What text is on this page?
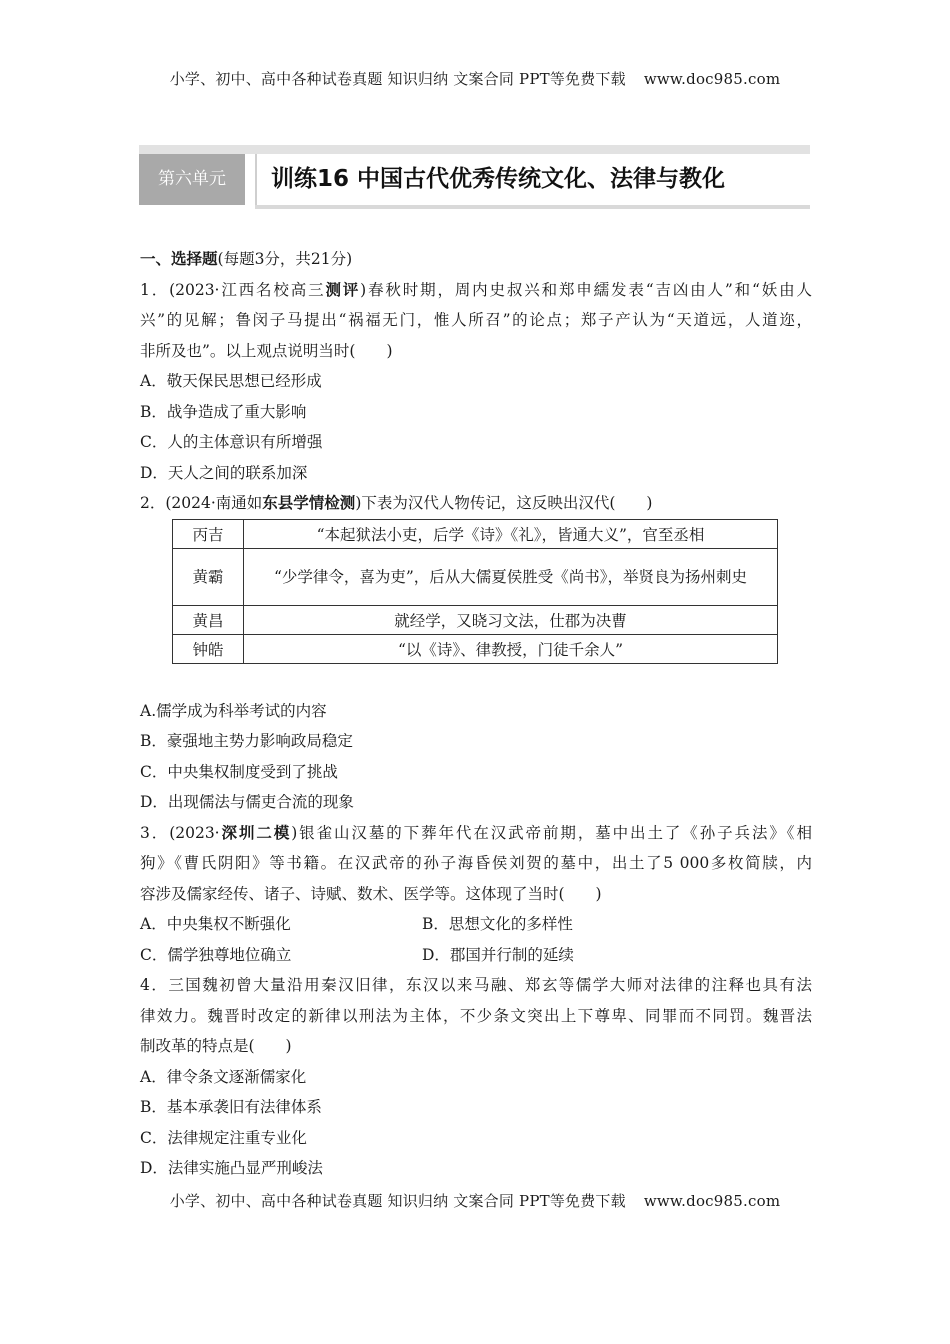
小学、初中、高中各种试卷真题 知识归纳 文案合同 PPT等免费下载 www.doc985.com
第六单元	训练16 中国古代优秀传统文化、法律与教化
一、选择题(每题3分，共21分)
1．(2023·江西名校高三测评)春秋时期，周内史叔兴和郑申繻发表“吉凶由人”和“妖由人
兴”的见解；鲁闵子马提出“祸福无门，惟人所召”的论点；郑子产认为“天道远，人道迩，
非所及也”。以上观点说明当时(　　)
A．敬天保民思想已经形成
B．战争造成了重大影响
C．人的主体意识有所增强
D．天人之间的联系加深
2．(2024·南通如东县学情检测)下表为汉代人物传记，这反映出汉代(　　)
丙吉	“本起狱法小吏，后学《诗》《礼》，皆通大义”，官至丞相
黄霸	“少学律令，喜为吏”，后从大儒夏侯胜受《尚书》，举贤良为扬州刺史
黄昌	就经学，又晓习文法，仕郡为决曹
钟皓	“以《诗》、律教授，门徒千余人”
A.儒学成为科举考试的内容
B．豪强地主势力影响政局稳定
C．中央集权制度受到了挑战
D．出现儒法与儒吏合流的现象
3．(2023·深圳二模)银雀山汉墓的下葬年代在汉武帝前期，墓中出土了《孙子兵法》《相
狗》《曹氏阴阳》等书籍。在汉武帝的孙子海昏侯刘贺的墓中，出土了5 000多枚简牍，内
容涉及儒家经传、诸子、诗赋、数术、医学等。这体现了当时(　　)
A．中央集权不断强化	B．思想文化的多样性
C．儒学独尊地位确立	D．郡国并行制的延续
4．三国魏初曾大量沿用秦汉旧律，东汉以来马融、郑玄等儒学大师对法律的注释也具有法
律效力。魏晋时改定的新律以刑法为主体，不少条文突出上下尊卑、同罪而不同罚。魏晋法
制改革的特点是(　　)
A．律令条文逐渐儒家化
B．基本承袭旧有法律体系
C．法律规定注重专业化
D．法律实施凸显严刑峻法
小学、初中、高中各种试卷真题 知识归纳 文案合同 PPT等免费下载 www.doc985.com
